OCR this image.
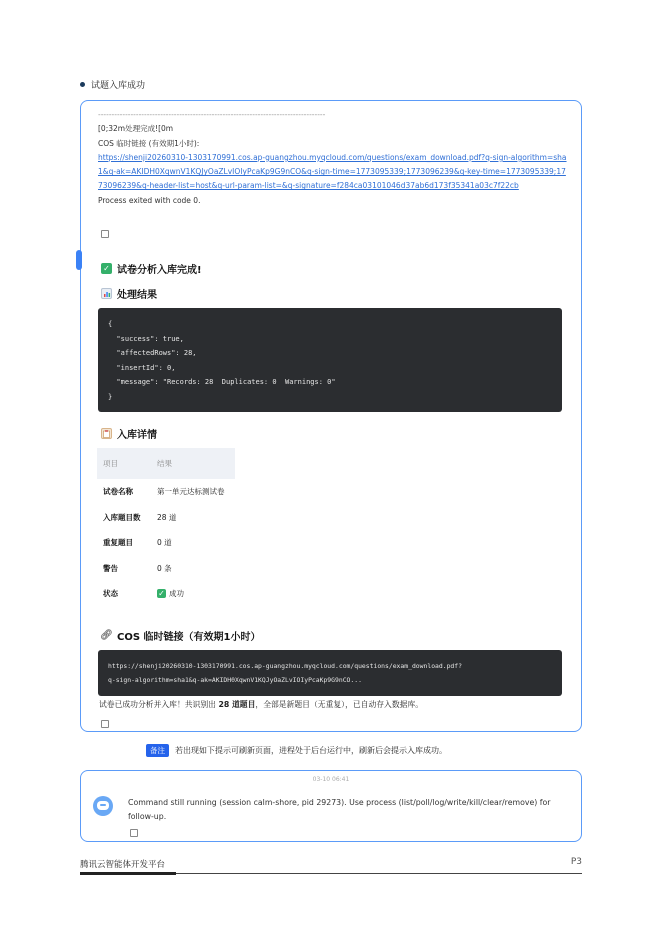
试题入库成功
------------------------------------------------------------------------------------
[0;32m处理完成![0m
COS 临时链接 (有效期1小时):
https://shenji20260310-1303170991.cos.ap-guangzhou.myqcloud.com/questions/exam_download.pdf?q-sign-algorithm=sha1&q-ak=AKIDH0XqwnV1KQJyOaZLvIOIyPcaKp9G9nCO&q-sign-time=1773095339;1773096239&q-key-time=1773095339;1773096239&q-header-list=host&q-url-param-list=&q-signature=f284ca03101046d37ab6d173f35341a03c7f22cb
Process exited with code 0.
✓ 试卷分析入库完成!
处理结果
{
"success": true,
"affectedRows": 28,
"insertId": 0,
"message": "Records: 28  Duplicates: 0  Warnings: 0"
}
入库详情
项目	结果
试卷名称	第一单元达标测试卷
入库题目数	28 道
重复题目	0 道
警告	0 条
状态	✓ 成功
🔗︎ COS 临时链接（有效期1小时）
https://shenji20260310-1303170991.cos.ap-guangzhou.myqcloud.com/questions/exam_download.pdf?
q-sign-algorithm=sha1&q-ak=AKIDH0XqwnV1KQJyOaZLvIOIyPcaKp9G9nCO...
试卷已成功分析并入库！共识别出 28 道题目，全部是新题目（无重复），已自动存入数据库。
备注	若出现如下提示可刷新页面，进程处于后台运行中，刷新后会提示入库成功。
03-10 06:41
Command still running (session calm-shore, pid 29273). Use process (list/poll/log/write/kill/clear/remove) for follow-up.
腾讯云智能体开发平台	P3
